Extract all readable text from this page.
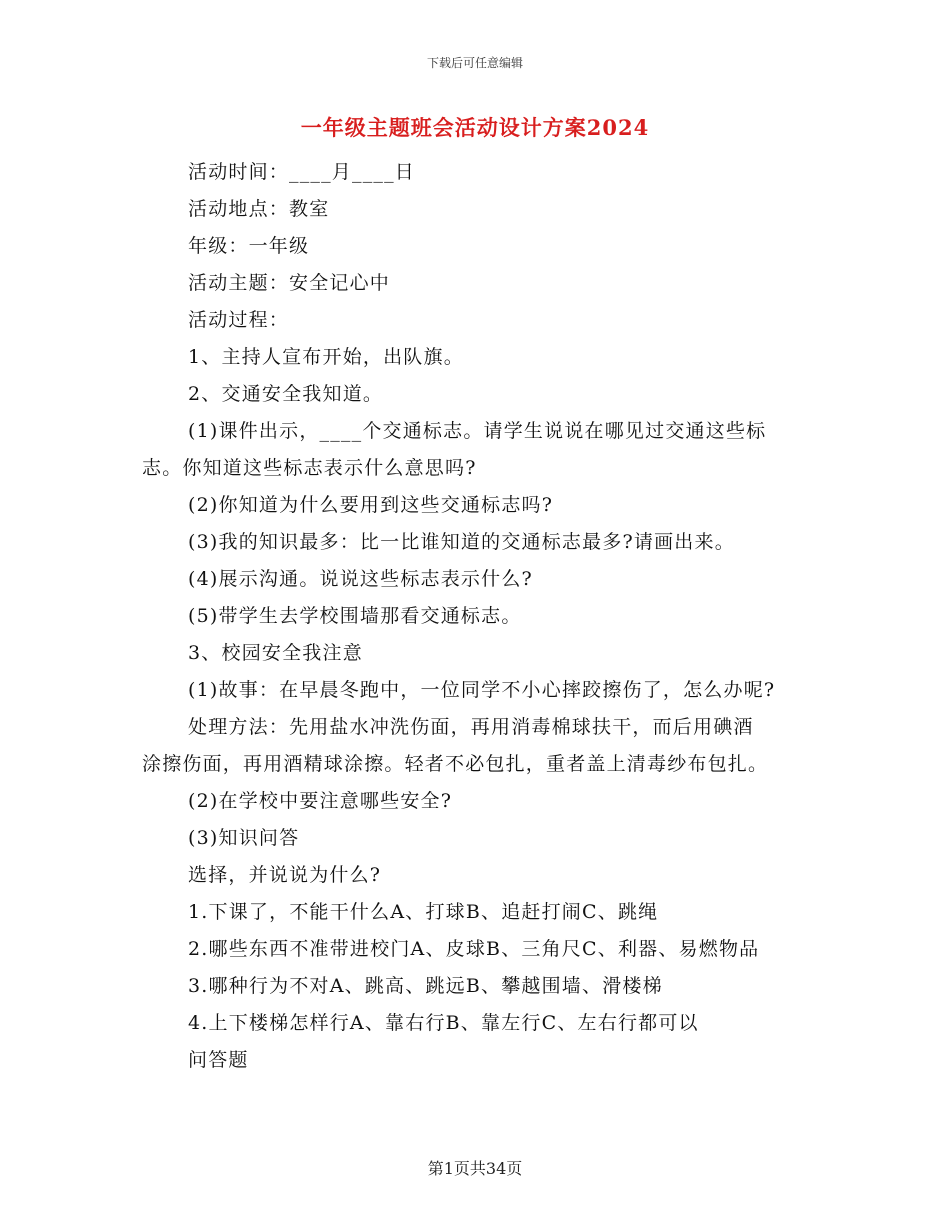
下载后可任意编辑
一年级主题班会活动设计方案2024
活动时间：____月____日
活动地点：教室
年级：一年级
活动主题：安全记心中
活动过程：
1、主持人宣布开始，出队旗。
2、交通安全我知道。
(1)课件出示，____个交通标志。请学生说说在哪见过交通这些标
志。你知道这些标志表示什么意思吗?
(2)你知道为什么要用到这些交通标志吗?
(3)我的知识最多：比一比谁知道的交通标志最多?请画出来。
(4)展示沟通。说说这些标志表示什么?
(5)带学生去学校围墙那看交通标志。
3、校园安全我注意
(1)故事：在早晨冬跑中，一位同学不小心摔跤擦伤了，怎么办呢?
处理方法：先用盐水冲洗伤面，再用消毒棉球扶干，而后用碘酒
涂擦伤面，再用酒精球涂擦。轻者不必包扎，重者盖上清毒纱布包扎。
(2)在学校中要注意哪些安全?
(3)知识问答
选择，并说说为什么?
1.下课了，不能干什么A、打球B、追赶打闹C、跳绳
2.哪些东西不准带进校门A、皮球B、三角尺C、利器、易燃物品
3.哪种行为不对A、跳高、跳远B、攀越围墙、滑楼梯
4.上下楼梯怎样行A、靠右行B、靠左行C、左右行都可以
问答题
第1页共34页
